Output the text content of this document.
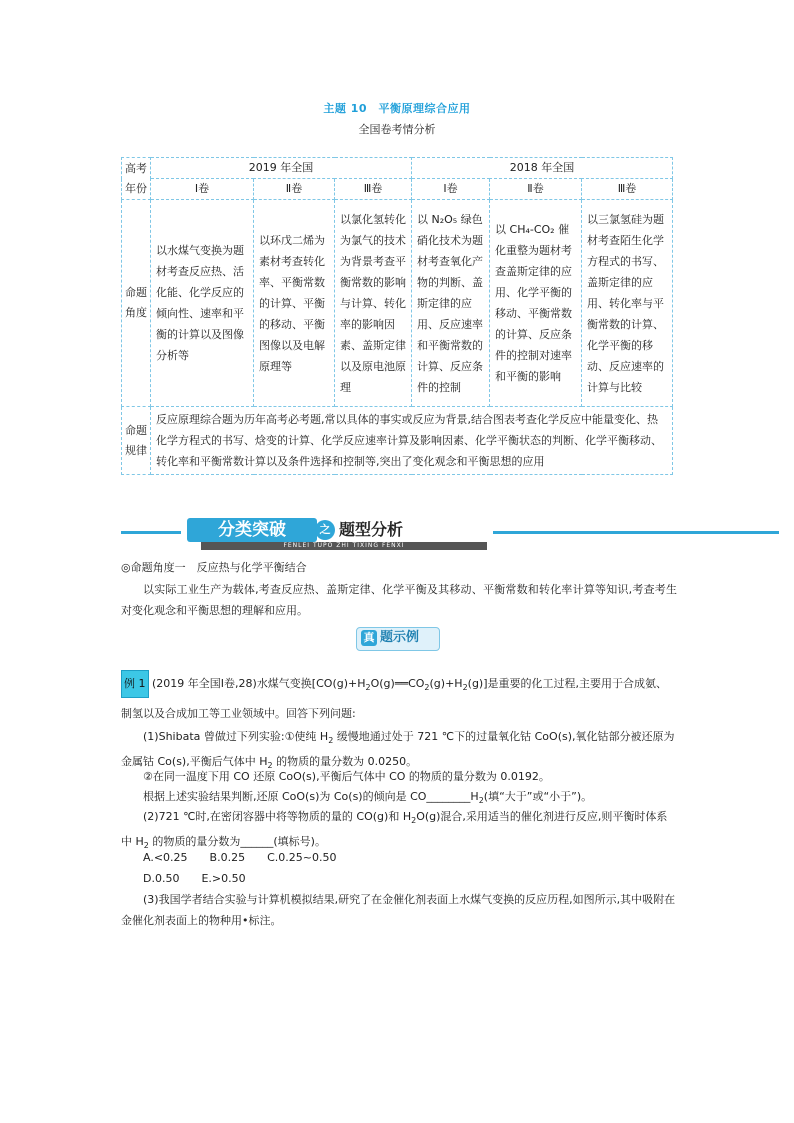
主题 10　平衡原理综合应用
全国卷考情分析
高考年份	2019 年全国			2018 年全国		
	Ⅰ卷	Ⅱ卷	Ⅲ卷	Ⅰ卷	Ⅱ卷	Ⅲ卷
命题角度	以水煤气变换为题材考查反应热、活化能、化学反应的倾向性、速率和平衡的计算以及图像分析等	以环戊二烯为素材考查转化率、平衡常数的计算、平衡的移动、平衡图像以及电解原理等	以氯化氢转化为氯气的技术为背景考查平衡常数的影响与计算、转化率的影响因素、盖斯定律以及原电池原理	以 N₂O₅ 绿色硝化技术为题材考查氧化产物的判断、盖斯定律的应用、反应速率和平衡常数的计算、反应条件的控制	以 CH₄-CO₂ 催化重整为题材考查盖斯定律的应用、化学平衡的移动、平衡常数的计算、反应条件的控制对速率和平衡的影响	以三氯氢硅为题材考查陌生化学方程式的书写、盖斯定律的应用、转化率与平衡常数的计算、化学平衡的移动、反应速率的计算与比较
命题规律	反应原理综合题为历年高考必考题,常以具体的事实或反应为背景,结合图表考查化学反应中能量变化、热化学方程式的书写、焓变的计算、化学反应速率计算及影响因素、化学平衡状态的判断、化学平衡移动、转化率和平衡常数计算以及条件选择和控制等,突出了变化观念和平衡思想的应用					
分类突破	之 题型分析
FENLEI TUPO ZHI TIXING FENXI
◎命题角度一　反应热与化学平衡结合
以实际工业生产为载体,考查反应热、盖斯定律、化学平衡及其移动、平衡常数和转化率计算等知识,考查考生对变化观念和平衡思想的理解和应用。
真 题示例
例 1 (2019 年全国Ⅰ卷,28)水煤气变换$[CO(g)+H_2O(g)══CO_2(g)+H_2(g)]$是重要的化工过程,主要用于合成氨、制氢以及合成加工等工业领域中。回答下列问题:
(1)Shibata 曾做过下列实验:①使纯 $H_2$ 缓慢地通过处于 721 ℃下的过量氧化钴 CoO(s),氧化钴部分被还原为金属钴 Co(s),平衡后气体中 $H_2$ 的物质的量分数为 0.0250。
②在同一温度下用 CO 还原 CoO(s),平衡后气体中 CO 的物质的量分数为 0.0192。
根据上述实验结果判断,还原 CoO(s)为 Co(s)的倾向是 $CO\_\_\_\_\_\_\_\_H_2$(填“大于”或“小于”)。
(2)721 ℃时,在密闭容器中将等物质的量的 CO(g)和 $H_2O(g)$混合,采用适当的催化剂进行反应,则平衡时体系中 $H_2$ 的物质的量分数为______(填标号)。
A.<0.25　　B.0.25　　C.0.25~0.50
D.0.50　　E.>0.50
(3)我国学者结合实验与计算机模拟结果,研究了在金催化剂表面上水煤气变换的反应历程,如图所示,其中吸附在金催化剂表面上的物种用•标注。
